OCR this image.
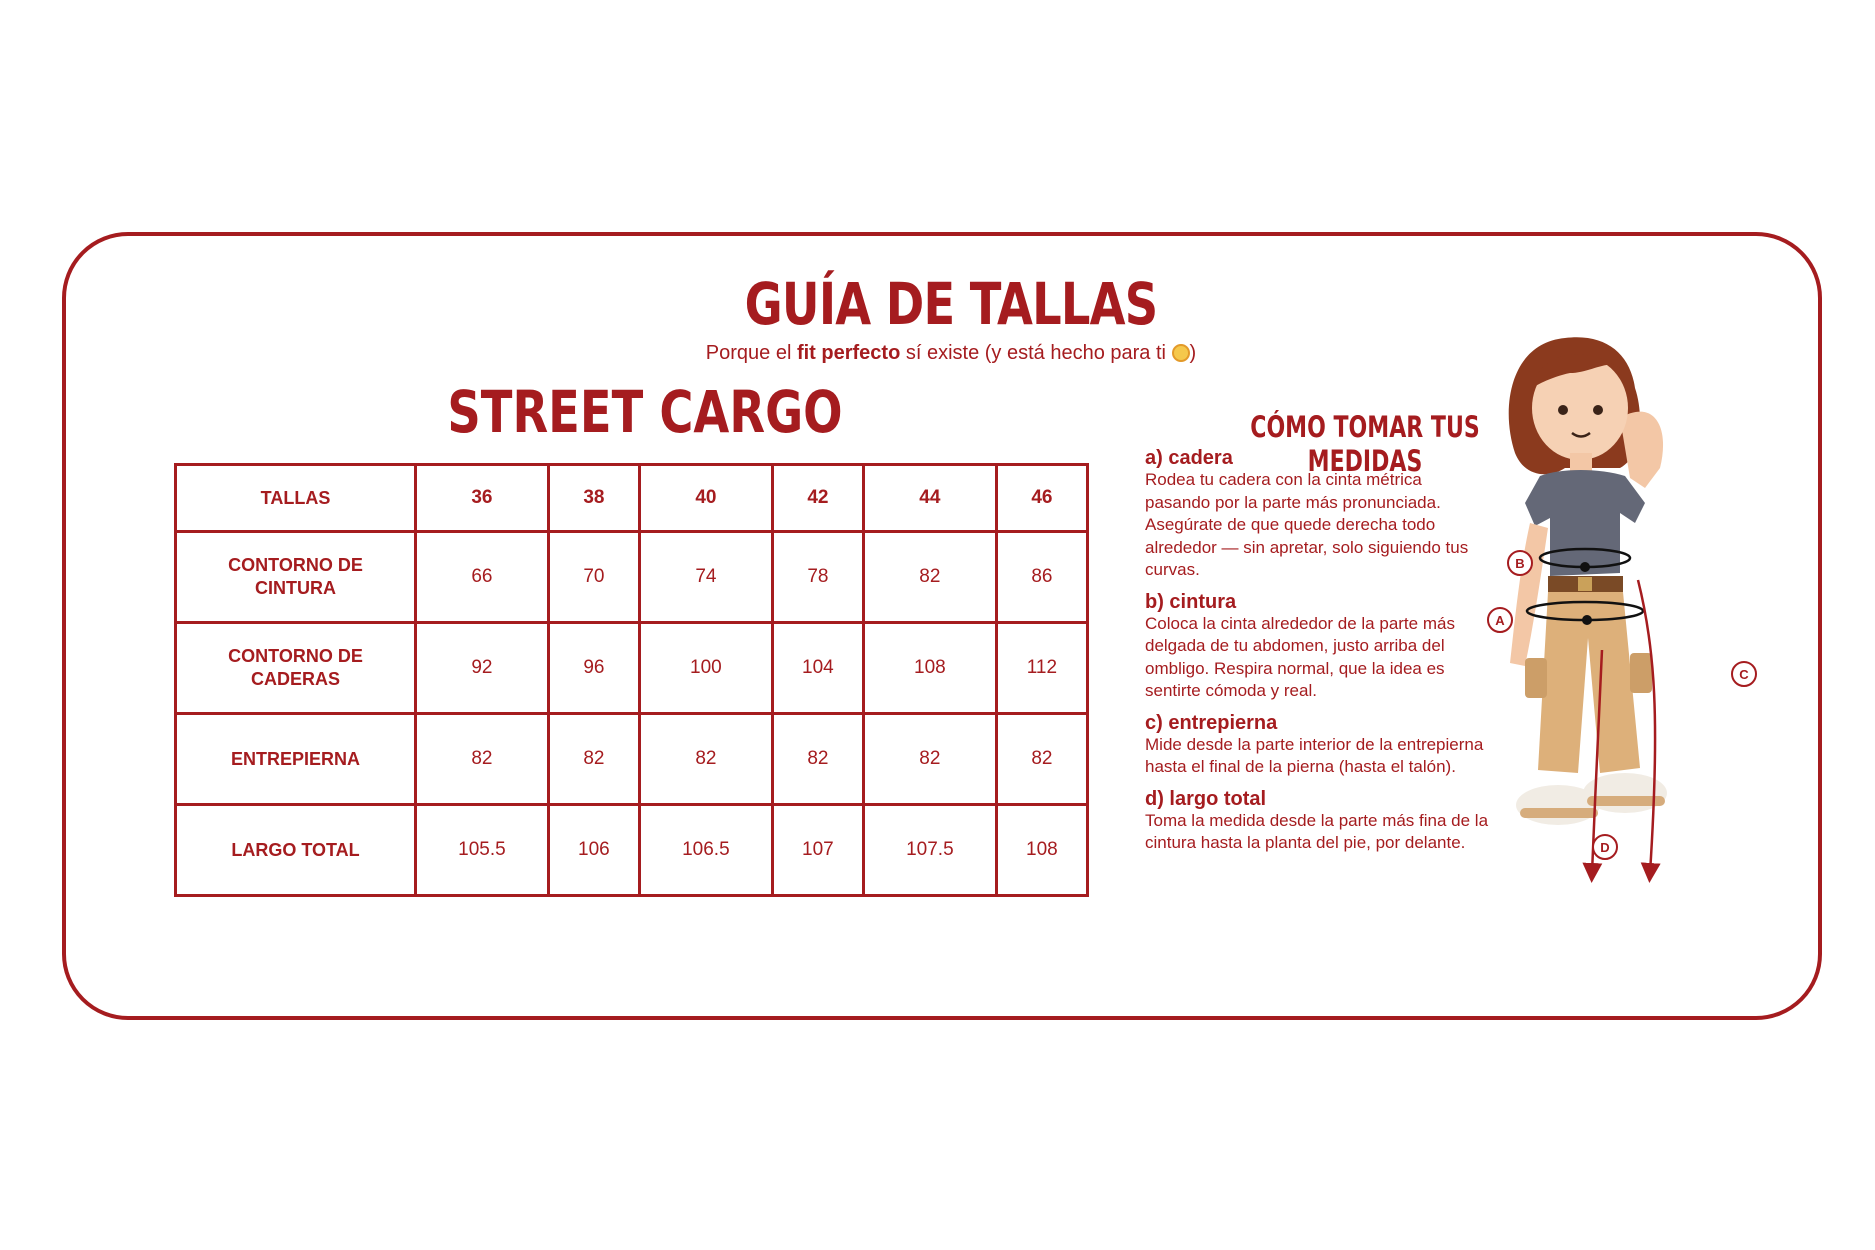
GUÍA DE TALLAS
Porque el fit perfecto sí existe (y está hecho para ti )
STREET CARGO
TALLAS	36	38	40	42	44	46
CONTORNO DE CINTURA	66	70	74	78	82	86
CONTORNO DE CADERAS	92	96	100	104	108	112
ENTREPIERNA	82	82	82	82	82	82
LARGO TOTAL	105.5	106	106.5	107	107.5	108
CÓMO TOMAR TUS MEDIDAS
a) cadera
Rodea tu cadera con la cinta métrica pasando por la parte más pronunciada. Asegúrate de que quede derecha todo alrededor — sin apretar, solo siguiendo tus curvas.
b) cintura
Coloca la cinta alrededor de la parte más delgada de tu abdomen, justo arriba del ombligo. Respira normal, que la idea es sentirte cómoda y real.
c) entrepierna
Mide desde la parte interior de la entrepierna hasta el final de la pierna (hasta el talón).
d) largo total
Toma la medida desde la parte más fina de la cintura hasta la planta del pie, por delante.
B
A
C
D
